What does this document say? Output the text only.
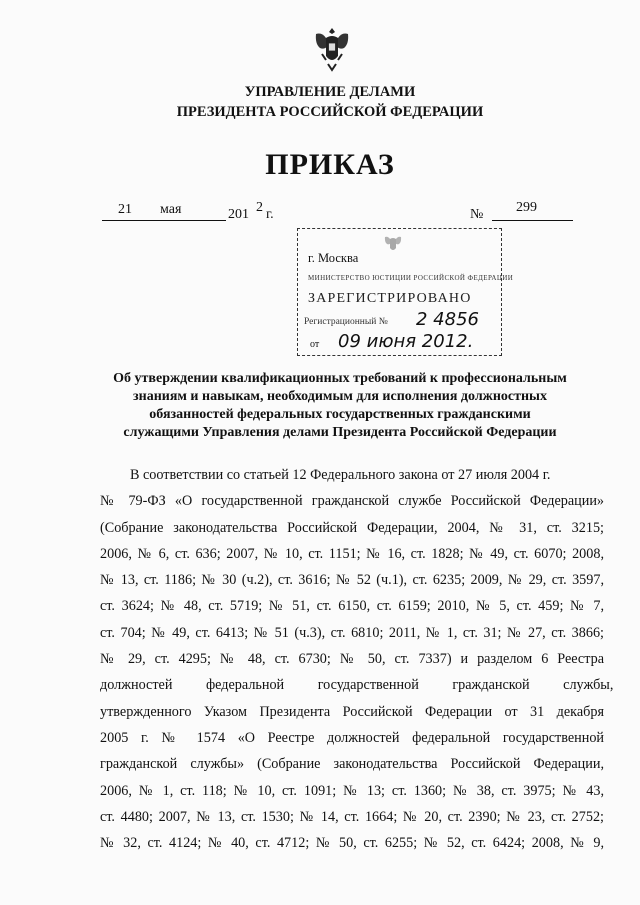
УПРАВЛЕНИЕ ДЕЛАМИ
ПРЕЗИДЕНТА РОССИЙСКОЙ ФЕДЕРАЦИИ
ПРИКАЗ
21 мая	201 2 г.	№ 299
г. Москва
МИНИСТЕРСТВО ЮСТИЦИИ РОССИЙСКОЙ ФЕДЕРАЦИИ
ЗАРЕГИСТРИРОВАНО
Регистрационный № 2 4856
от 09 июня 2012.
Об утверждении квалификационных требований к профессиональным
знаниям и навыкам, необходимым для исполнения должностных
обязанностей федеральных государственных гражданскими
служащими Управления делами Президента Российской Федерации
В соответствии со статьей 12 Федерального закона от 27 июля 2004 г.
№ 79-ФЗ «О государственной гражданской службе Российской Федерации»
(Собрание законодательства Российской Федерации, 2004, № 31, ст. 3215;
2006, № 6, ст. 636; 2007, № 10, ст. 1151; № 16, ст. 1828; № 49, ст. 6070; 2008,
№ 13, ст. 1186; № 30 (ч.2), ст. 3616; № 52 (ч.1), ст. 6235; 2009, № 29, ст. 3597,
ст. 3624; № 48, ст. 5719; № 51, ст. 6150, ст. 6159; 2010, № 5, ст. 459; № 7,
ст. 704; № 49, ст. 6413; № 51 (ч.3), ст. 6810; 2011, № 1, ст. 31; № 27, ст. 3866;
№ 29, ст. 4295; № 48, ст. 6730; № 50, ст. 7337) и разделом 6 Реестра
должностей федеральной государственной гражданской службы,
утвержденного Указом Президента Российской Федерации от 31 декабря
2005 г. № 1574 «О Реестре должностей федеральной государственной
гражданской службы» (Собрание законодательства Российской Федерации,
2006, № 1, ст. 118; № 10, ст. 1091; № 13; ст. 1360; № 38, ст. 3975; № 43,
ст. 4480; 2007, № 13, ст. 1530; № 14, ст. 1664; № 20, ст. 2390; № 23, ст. 2752;
№ 32, ст. 4124; № 40, ст. 4712; № 50, ст. 6255; № 52, ст. 6424; 2008, № 9,
